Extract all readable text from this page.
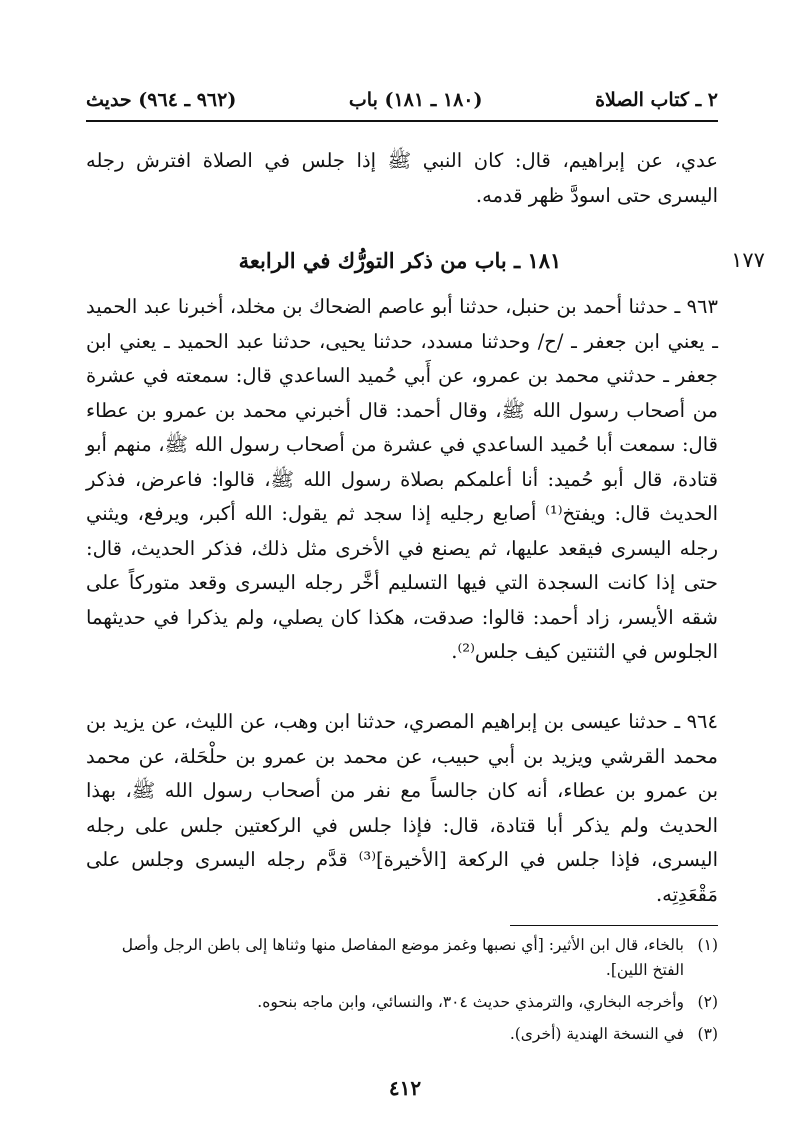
٢ ـ كتاب الصلاة
(١٨٠ ـ ١٨١) باب
(٩٦٢ ـ ٩٦٤) حديث
عدي، عن إبراهيم، قال: كان النبي ﷺ إذا جلس في الصلاة افترش رجله اليسرى حتى اسودَّ ظهر قدمه.
١٧٧
١٨١ ـ باب من ذكر التورُّك في الرابعة
٩٦٣ ـ حدثنا أحمد بن حنبل، حدثنا أبو عاصم الضحاك بن مخلد، أخبرنا عبد الحميد ـ يعني ابن جعفر ـ /ح/ وحدثنا مسدد، حدثنا يحيى، حدثنا عبد الحميد ـ يعني ابن جعفر ـ حدثني محمد بن عمرو، عن أَبي حُميد الساعدي قال: سمعته في عشرة من أصحاب رسول الله ﷺ، وقال أحمد: قال أخبرني محمد بن عمرو بن عطاء قال: سمعت أبا حُميد الساعدي في عشرة من أصحاب رسول الله ﷺ، منهم أبو قتادة، قال أبو حُميد: أنا أعلمكم بصلاة رسول الله ﷺ، قالوا: فاعرض، فذكر الحديث قال: ويفتخ⁽¹⁾ أصابع رجليه إذا سجد ثم يقول: الله أكبر، ويرفع، ويثني رجله اليسرى فيقعد عليها، ثم يصنع في الأخرى مثل ذلك، فذكر الحديث، قال: حتى إذا كانت السجدة التي فيها التسليم أخَّر رجله اليسرى وقعد متوركاً على شقه الأيسر، زاد أحمد: قالوا: صدقت، هكذا كان يصلي، ولم يذكرا في حديثهما الجلوس في الثنتين كيف جلس⁽²⁾.
٩٦٤ ـ حدثنا عيسى بن إبراهيم المصري، حدثنا ابن وهب، عن الليث، عن يزيد بن محمد القرشي ويزيد بن أبي حبيب، عن محمد بن عمرو بن حلْحَلة، عن محمد بن عمرو بن عطاء، أنه كان جالساً مع نفر من أصحاب رسول الله ﷺ، بهذا الحديث ولم يذكر أبا قتادة، قال: فإذا جلس في الركعتين جلس على رجله اليسرى، فإذا جلس في الركعة [الأخيرة]⁽³⁾ قدَّم رجله اليسرى وجلس على مَقْعَدِتِه.
(١)
بالخاء، قال ابن الأثير: [أي نصبها وغمز موضع المفاصل منها وثناها إلى باطن الرجل وأصل الفتخ اللين].
(٢)
وأخرجه البخاري، والترمذي حديث ٣٠٤، والنسائي، وابن ماجه بنحوه.
(٣)
في النسخة الهندية (أخرى).
٤١٢
